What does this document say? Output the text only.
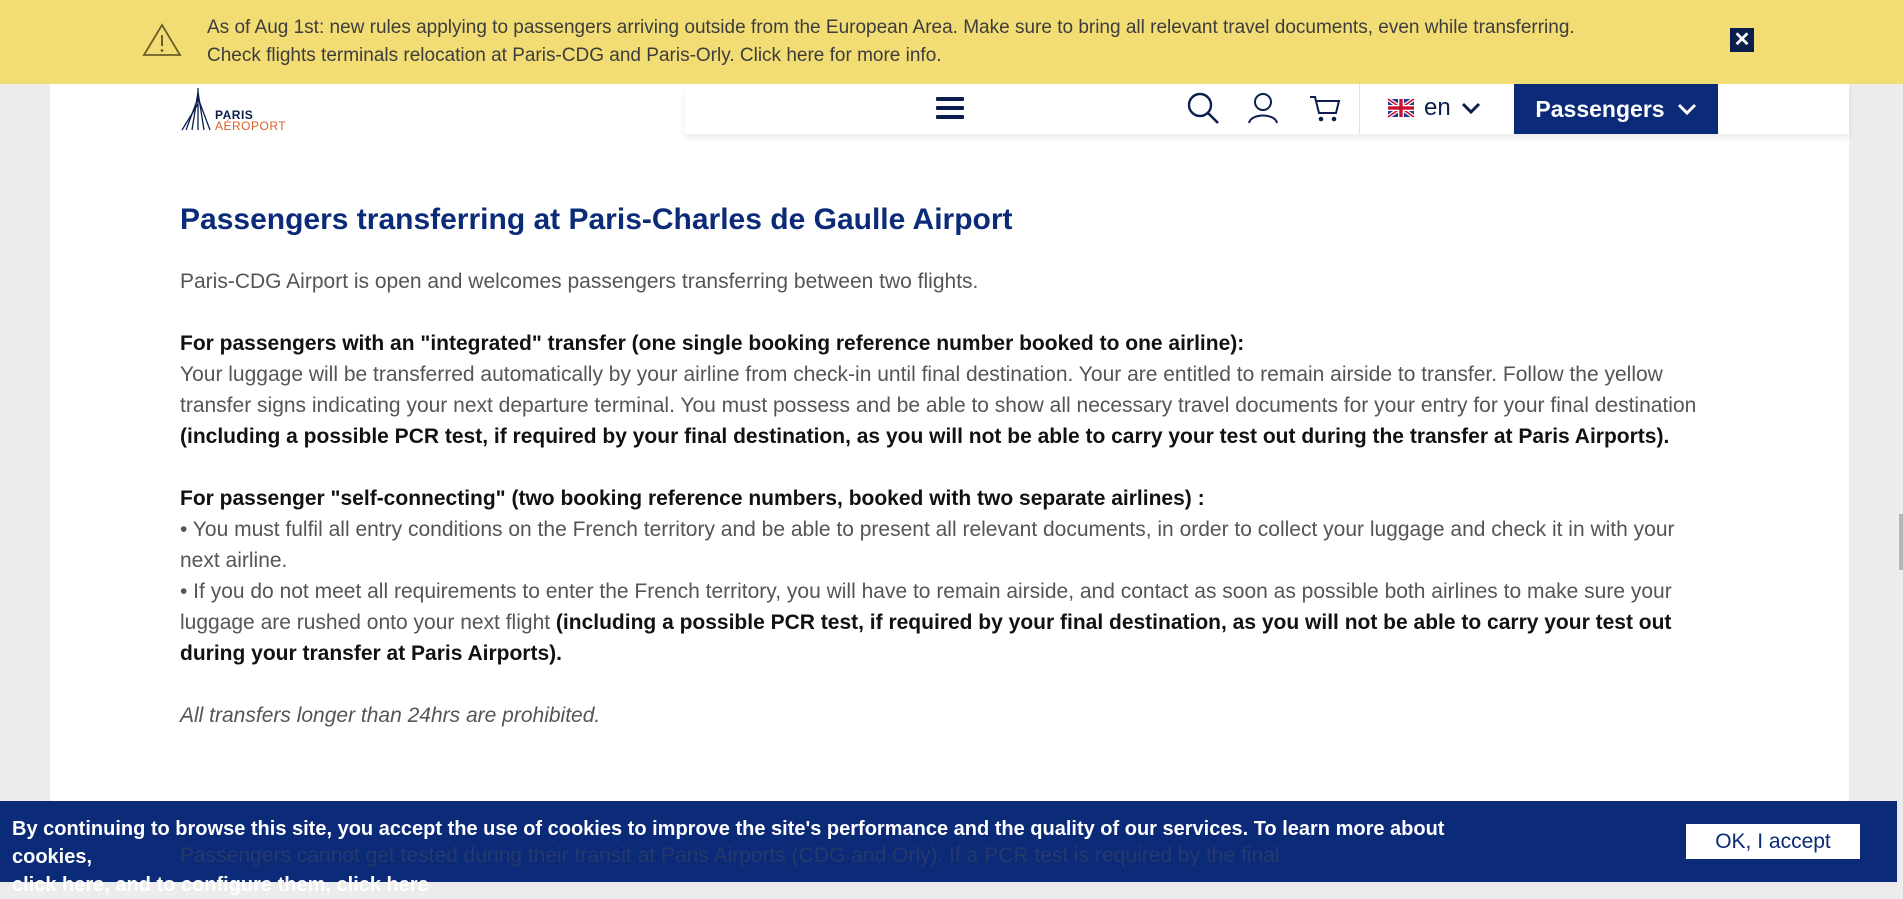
PARIS
AÉROPORT
en	Passengers
Passengers transferring at Paris-Charles de Gaulle Airport

Paris-CDG Airport is open and welcomes passengers transferring between two flights.

For passengers with an "integrated" transfer (one single booking reference number booked to one airline):

Your luggage will be transferred automatically by your airline from check-in until final destination. Your are entitled to remain airside to transfer. Follow the yellow transfer signs indicating your next departure terminal. You must possess and be able to show all necessary travel documents for your entry for your final destination (including a possible PCR test, if required by your final destination, as you will not be able to carry your test out during the transfer at Paris Airports).

For passenger "self-connecting" (two booking reference numbers, booked with two separate airlines) :

• You must fulfil all entry conditions on the French territory and be able to present all relevant documents, in order to collect your luggage and check it in with your next airline.

• If you do not meet all requirements to enter the French territory, you will have to remain airside, and contact as soon as possible both airlines to make sure your luggage are rushed onto your next flight (including a possible PCR test, if required by your final destination, as you will not be able to carry your test out during your transfer at Paris Airports).

All transfers longer than 24hrs are prohibited.

As of Aug 1st: new rules applying to passengers arriving outside from the European Area. Make sure to bring all relevant travel documents, even while transferring.
Check flights terminals relocation at Paris-CDG and Paris-Orly. Click here for more info.
✕
Passengers cannot get tested during their transit at Paris Airports (CDG and Orly). If a PCR test is required by the final
By continuing to browse this site, you accept the use of cookies to improve the site's performance and the quality of our services. To learn more about cookies,
click here, and to configure them, click here
OK, I accept
